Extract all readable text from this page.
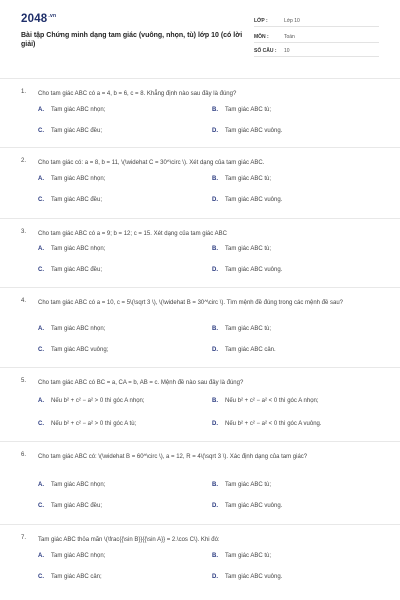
$2048^{.vn}$
Bài tập Chứng minh dạng tam giác (vuông, nhọn, tù) lớp 10 (có lời giải)
LỚP :	Lớp 10
MÔN :	Toán
SỐ CÂU : 10
1. Cho tam giác ABC có a = 4, b = 6, c = 8. Khẳng định nào sau đây là đúng?
A. Tam giác ABC nhọn;	B. Tam giác ABC tù;
C. Tam giác ABC đều;	D. Tam giác ABC vuông.
2. Cho tam giác có: a = 8, b = 11, \(\widehat C = 30^\circ \). Xét dạng của tam giác ABC.
A. Tam giác ABC nhọn;	B. Tam giác ABC tù;
C. Tam giác ABC đều;	D. Tam giác ABC vuông.
3. Cho tam giác ABC có a = 9; b = 12; c = 15. Xét dạng của tam giác ABC
A. Tam giác ABC nhọn;	B. Tam giác ABC tù;
C. Tam giác ABC đều;	D. Tam giác ABC vuông.
4. Cho tam giác ABC có a = 10, c = 5\(\sqrt 3 \), \(\widehat B = 30^\circ \). Tìm mệnh đề đúng trong các mệnh đề sau?
A. Tam giác ABC nhọn;	B. Tam giác ABC tù;
C. Tam giác ABC vuông;	D. Tam giác ABC cân.
5. Cho tam giác ABC có BC = a, CA = b, AB = c. Mệnh đề nào sau đây là đúng?
A. Nếu b² + c² − a² > 0 thì góc A nhọn;	B. Nếu b² + c² − a² < 0 thì góc A nhọn;
C. Nếu b² + c² − a² > 0 thì góc A tù;	D. Nếu b² + c² − a² < 0 thì góc A vuông.
6. Cho tam giác ABC có: \(\widehat B = 60^\circ \), a = 12, R = 4\(\sqrt 3 \). Xác định dạng của tam giác?
A. Tam giác ABC nhọn;	B. Tam giác ABC tù;
C. Tam giác ABC đều;	D. Tam giác ABC vuông.
7. Tam giác ABC thỏa mãn \(\frac{{\sin B}}{{\sin A}} = 2.\cos C\). Khi đó:
A. Tam giác ABC nhọn;	B. Tam giác ABC tù;
C. Tam giác ABC cân;	D. Tam giác ABC vuông.
